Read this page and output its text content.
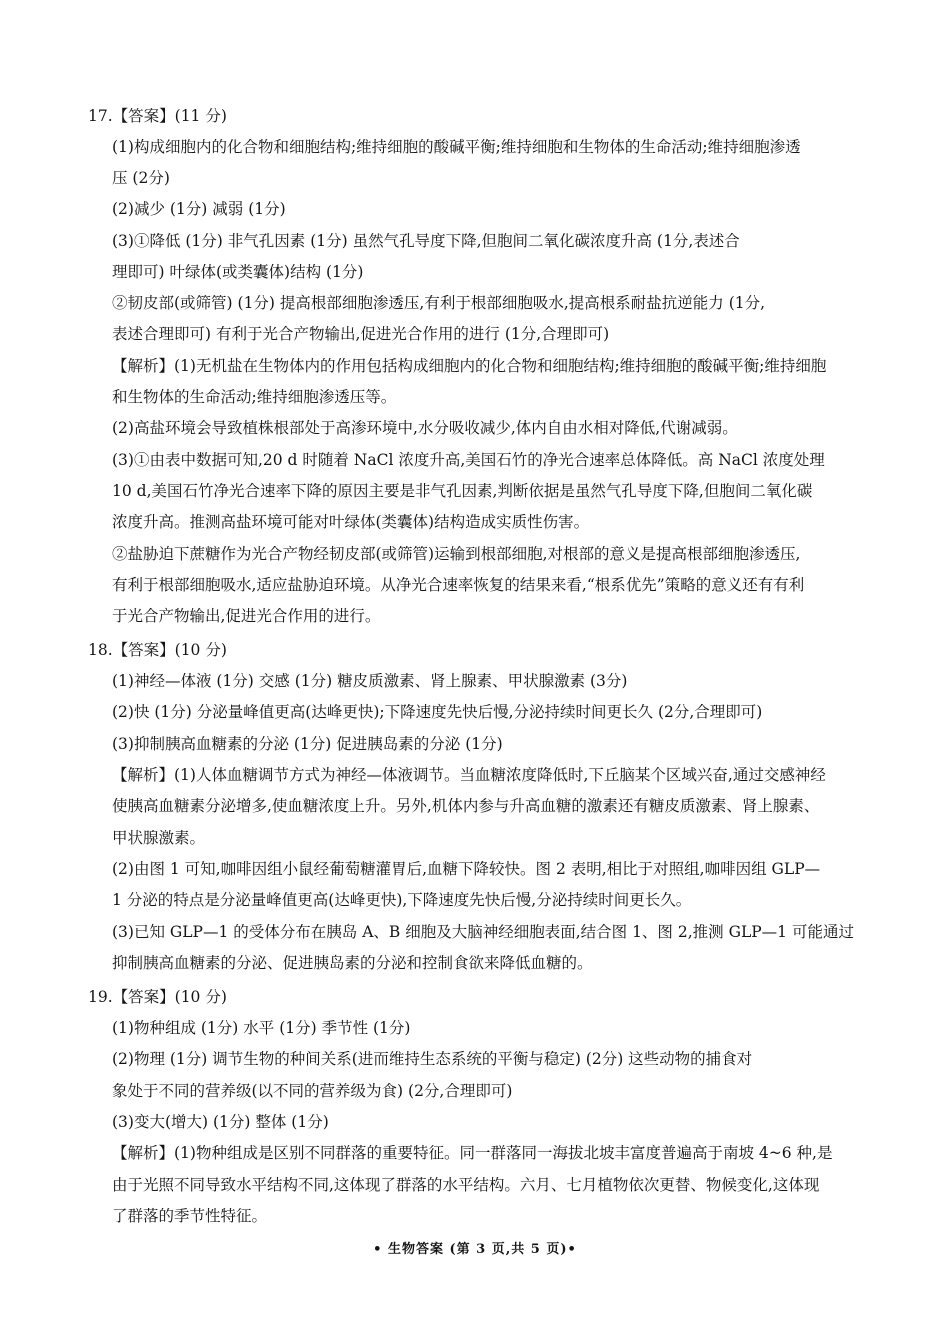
17.【答案】(11 分)
(1)构成细胞内的化合物和细胞结构;维持细胞的酸碱平衡;维持细胞和生物体的生命活动;维持细胞渗透
压 (2分)
(2)减少 (1分) 减弱 (1分)
(3)①降低 (1分) 非气孔因素 (1分) 虽然气孔导度下降,但胞间二氧化碳浓度升高 (1分,表述合
理即可) 叶绿体(或类囊体)结构 (1分)
②韧皮部(或筛管) (1分) 提高根部细胞渗透压,有利于根部细胞吸水,提高根系耐盐抗逆能力 (1分,
表述合理即可) 有利于光合产物输出,促进光合作用的进行 (1分,合理即可)
【解析】(1)无机盐在生物体内的作用包括构成细胞内的化合物和细胞结构;维持细胞的酸碱平衡;维持细胞
和生物体的生命活动;维持细胞渗透压等。
(2)高盐环境会导致植株根部处于高渗环境中,水分吸收减少,体内自由水相对降低,代谢减弱。
(3)①由表中数据可知,20 d 时随着 NaCl 浓度升高,美国石竹的净光合速率总体降低。高 NaCl 浓度处理
10 d,美国石竹净光合速率下降的原因主要是非气孔因素,判断依据是虽然气孔导度下降,但胞间二氧化碳
浓度升高。推测高盐环境可能对叶绿体(类囊体)结构造成实质性伤害。
②盐胁迫下蔗糖作为光合产物经韧皮部(或筛管)运输到根部细胞,对根部的意义是提高根部细胞渗透压,
有利于根部细胞吸水,适应盐胁迫环境。从净光合速率恢复的结果来看,“根系优先”策略的意义还有有利
于光合产物输出,促进光合作用的进行。
18.【答案】(10 分)
(1)神经—体液 (1分) 交感 (1分) 糖皮质激素、肾上腺素、甲状腺激素 (3分)
(2)快 (1分) 分泌量峰值更高(达峰更快);下降速度先快后慢,分泌持续时间更长久 (2分,合理即可)
(3)抑制胰高血糖素的分泌 (1分) 促进胰岛素的分泌 (1分)
【解析】(1)人体血糖调节方式为神经—体液调节。当血糖浓度降低时,下丘脑某个区域兴奋,通过交感神经
使胰高血糖素分泌增多,使血糖浓度上升。另外,机体内参与升高血糖的激素还有糖皮质激素、肾上腺素、
甲状腺激素。
(2)由图 1 可知,咖啡因组小鼠经葡萄糖灌胃后,血糖下降较快。图 2 表明,相比于对照组,咖啡因组 GLP—
1 分泌的特点是分泌量峰值更高(达峰更快),下降速度先快后慢,分泌持续时间更长久。
(3)已知 GLP—1 的受体分布在胰岛 A、B 细胞及大脑神经细胞表面,结合图 1、图 2,推测 GLP—1 可能通过
抑制胰高血糖素的分泌、促进胰岛素的分泌和控制食欲来降低血糖的。
19.【答案】(10 分)
(1)物种组成 (1分) 水平 (1分) 季节性 (1分)
(2)物理 (1分) 调节生物的种间关系(进而维持生态系统的平衡与稳定) (2分) 这些动物的捕食对
象处于不同的营养级(以不同的营养级为食) (2分,合理即可)
(3)变大(增大) (1分) 整体 (1分)
【解析】(1)物种组成是区别不同群落的重要特征。同一群落同一海拔北坡丰富度普遍高于南坡 4~6 种,是
由于光照不同导致水平结构不同,这体现了群落的水平结构。六月、七月植物依次更替、物候变化,这体现
了群落的季节性特征。
• 生物答案 (第 3 页,共 5 页)•
